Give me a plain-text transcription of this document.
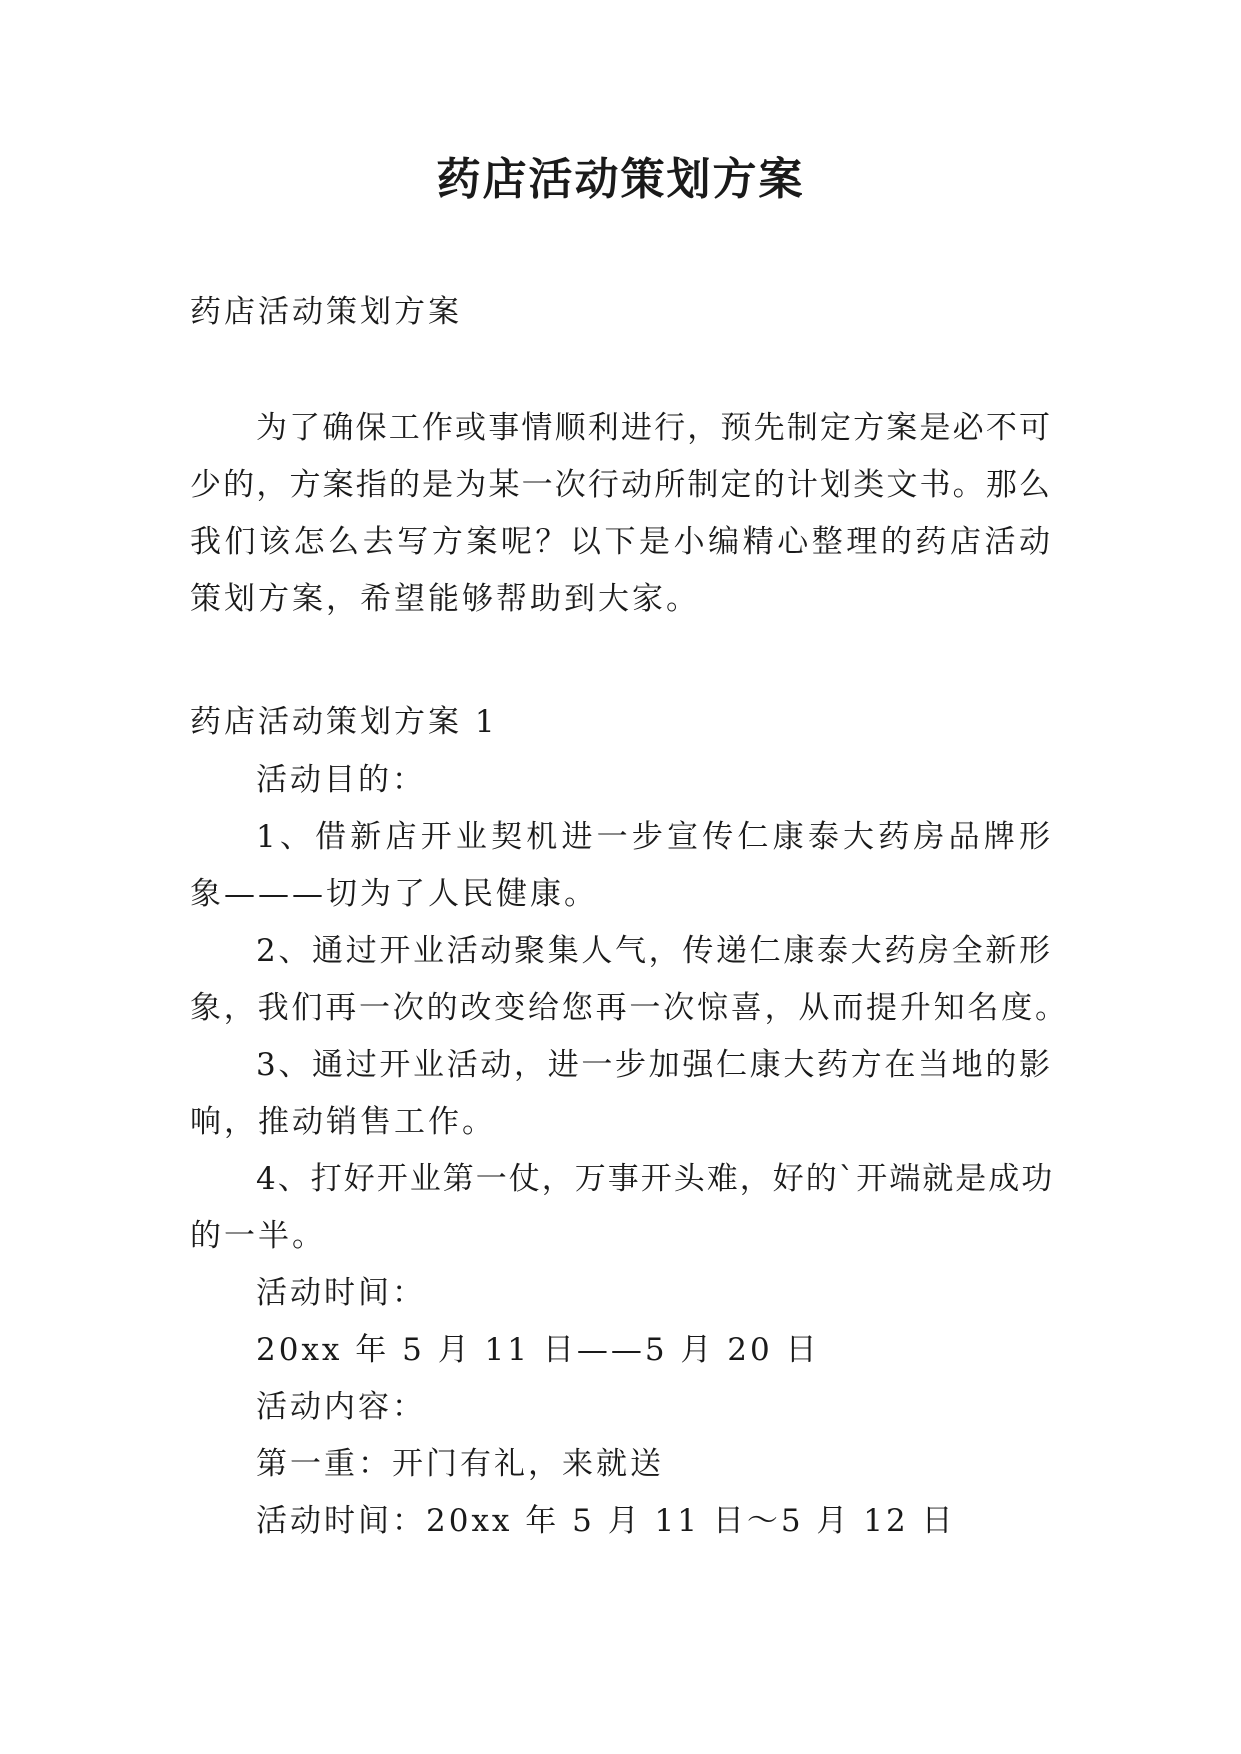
药店活动策划方案
药店活动策划方案
为了确保工作或事情顺利进行，预先制定方案是必不可
少的，方案指的是为某一次行动所制定的计划类文书。那么
我们该怎么去写方案呢？以下是小编精心整理的药店活动
策划方案，希望能够帮助到大家。
药店活动策划方案 1
活动目的：
1、借新店开业契机进一步宣传仁康泰大药房品牌形
象———切为了人民健康。
2、通过开业活动聚集人气，传递仁康泰大药房全新形
象，我们再一次的改变给您再一次惊喜，从而提升知名度。
3、通过开业活动，进一步加强仁康大药方在当地的影
响，推动销售工作。
4、打好开业第一仗，万事开头难，好的`开端就是成功
的一半。
活动时间：
20xx 年 5 月 11 日——5 月 20 日
活动内容：
第一重：开门有礼，来就送
活动时间：20xx 年 5 月 11 日～5 月 12 日
